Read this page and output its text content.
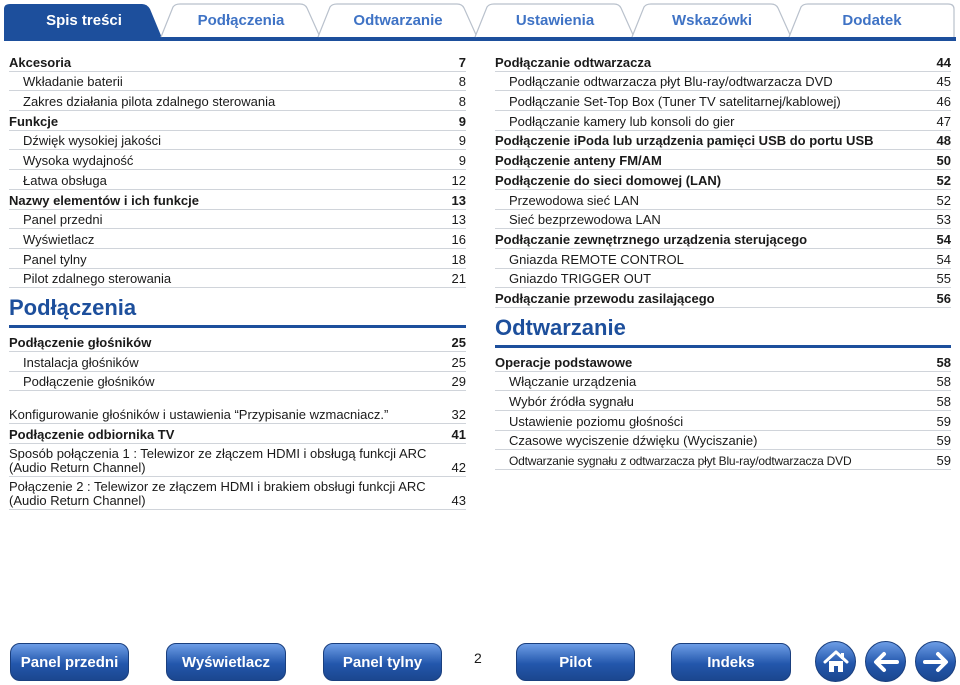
Spis treści	Podłączenia	Odtwarzanie	Ustawienia	Wskazówki	Dodatek
Akcesoria	7
Wkładanie baterii	8
Zakres działania pilota zdalnego sterowania	8
Funkcje	9
Dźwięk wysokiej jakości	9
Wysoka wydajność	9
Łatwa obsługa	12
Nazwy elementów i ich funkcje	13
Panel przedni	13
Wyświetlacz	16
Panel tylny	18
Pilot zdalnego sterowania	21
Podłączenia
Podłączenie głośników	25
Instalacja głośników	25
Podłączenie głośników	29
Konfigurowanie głośników i ustawienia “Przypisanie wzmacniacz.”	32
Podłączenie odbiornika TV	41
Sposób połączenia 1 : Telewizor ze złączem HDMI i obsługą funkcji ARC (Audio Return Channel)	42
Połączenie 2 : Telewizor ze złączem HDMI i brakiem obsługi funkcji ARC (Audio Return Channel)	43
Podłączanie odtwarzacza	44
Podłączanie odtwarzacza płyt Blu-ray/odtwarzacza DVD	45
Podłączanie Set-Top Box (Tuner TV satelitarnej/kablowej)	46
Podłączanie kamery lub konsoli do gier	47
Podłączenie iPoda lub urządzenia pamięci USB do portu USB	48
Podłączenie anteny FM/AM	50
Podłączenie do sieci domowej (LAN)	52
Przewodowa sieć LAN	52
Sieć bezprzewodowa LAN	53
Podłączanie zewnętrznego urządzenia sterującego	54
Gniazda REMOTE CONTROL	54
Gniazdo TRIGGER OUT	55
Podłączanie przewodu zasilającego	56
Odtwarzanie
Operacje podstawowe	58
Włączanie urządzenia	58
Wybór źródła sygnału	58
Ustawienie poziomu głośności	59
Czasowe wyciszenie dźwięku (Wyciszanie)	59
Odtwarzanie sygnału z odtwarzacza płyt Blu-ray/odtwarzacza DVD	59
Panel przedni	Wyświetlacz	Panel tylny	2	Pilot	Indeks
